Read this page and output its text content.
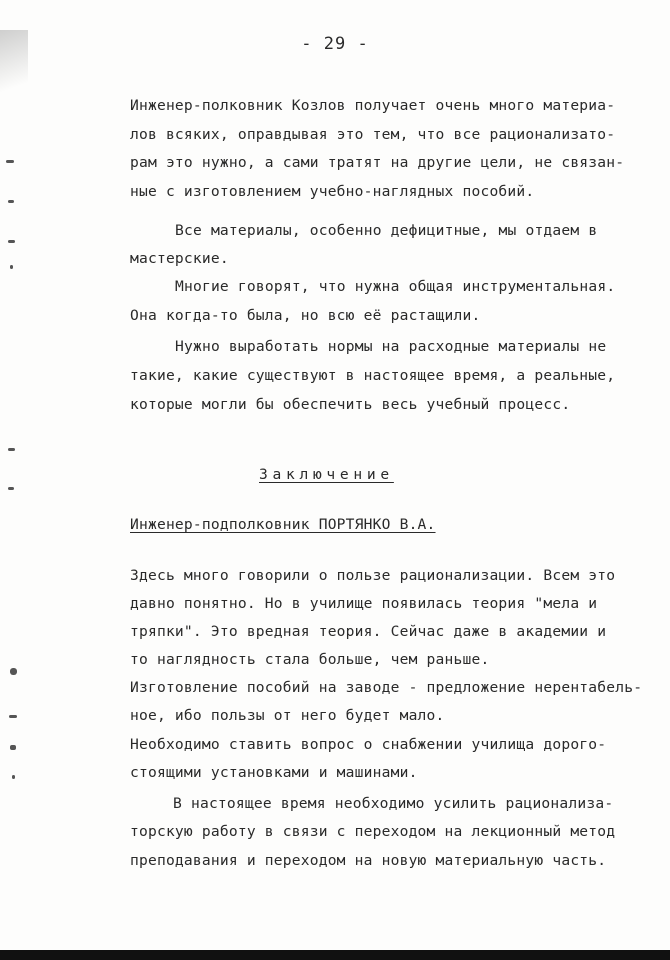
- 29 -
Инженер-полковник Козлов получает очень много материа-
лов всяких, оправдывая это тем, что все рационализато-
рам это нужно, а сами тратят на другие цели, не связан-
ные с изготовлением учебно-наглядных пособий.
Все материалы, особенно дефицитные, мы отдаем в
мастерские.
Многие говорят, что нужна общая инструментальная.
Она когда-то была, но всю её растащили.
Нужно выработать нормы на расходные материалы не
такие, какие существуют в настоящее время, а реальные,
которые могли бы обеспечить весь учебный процесс.
Заключение
Инженер-подполковник ПОРТЯНКО В.А.
Здесь много говорили о пользе рационализации. Всем это
давно понятно. Но в училище появилась теория "мела и
тряпки". Это вредная теория. Сейчас даже в академии и
то наглядность стала больше, чем раньше.
Изготовление пособий на заводе - предложение нерентабель-
ное, ибо пользы от него будет мало.
Необходимо ставить вопрос о снабжении училища дорого-
стоящими установками и машинами.
В настоящее время необходимо усилить рационализа-
торскую работу в связи с переходом на лекционный метод
преподавания и переходом на новую материальную часть.
